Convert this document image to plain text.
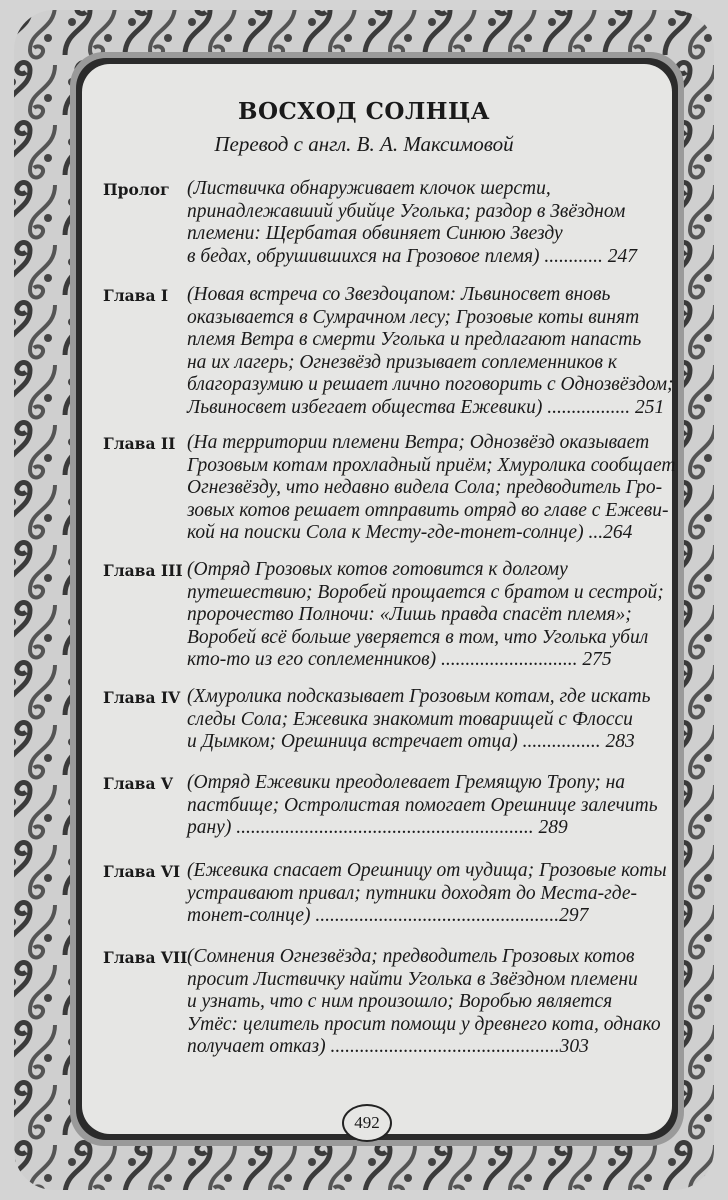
ВОСХОД СОЛНЦА
Перевод с англ. В. А. Максимовой
Пролог (Листвичка обнаруживает клочок шерсти,
принадлежавший убийце Уголька; раздор в Звёздном
племени: Щербатая обвиняет Синюю Звезду
в бедах, обрушившихся на Грозовое племя) ............ 247
Глава I (Новая встреча со Звездоцапом: Львиносвет вновь
оказывается в Сумрачном лесу; Грозовые коты винят
племя Ветра в смерти Уголька и предлагают напасть
на их лагерь; Огнезвёзд призывает соплеменников к
благоразумию и решает лично поговорить с Однозвёздом;
Львиносвет избегает общества Ежевики) ................. 251
Глава II (На территории племени Ветра; Однозвёзд оказывает
Грозовым котам прохладный приём; Хмуролика сообщает
Огнезвёзду, что недавно видела Сола; предводитель Гро-
зовых котов решает отправить отряд во главе с Ежеви-
кой на поиски Сола к Месту-где-тонет-солнце) ...264
Глава III (Отряд Грозовых котов готовится к долгому
путешествию; Воробей прощается с братом и сестрой;
пророчество Полночи: «Лишь правда спасёт племя»;
Воробей всё больше уверяется в том, что Уголька убил
кто-то из его соплеменников) ............................ 275
Глава IV (Хмуролика подсказывает Грозовым котам, где искать
следы Сола; Ежевика знакомит товарищей с Флосси
и Дымком; Орешница встречает отца) ................ 283
Глава V (Отряд Ежевики преодолевает Гремящую Тропу; на
пастбище; Остролистая помогает Орешнице залечить
рану) ............................................................. 289
Глава VI (Ежевика спасает Орешницу от чудища; Грозовые коты
устраивают привал; путники доходят до Места-где-
тонет-солнце) ..................................................297
Глава VII (Сомнения Огнезвёзда; предводитель Грозовых котов
просит Листвичку найти Уголька в Звёздном племени
и узнать, что с ним произошло; Воробью является
Утёс: целитель просит помощи у древнего кота, однако
получает отказ) ...............................................303
492
